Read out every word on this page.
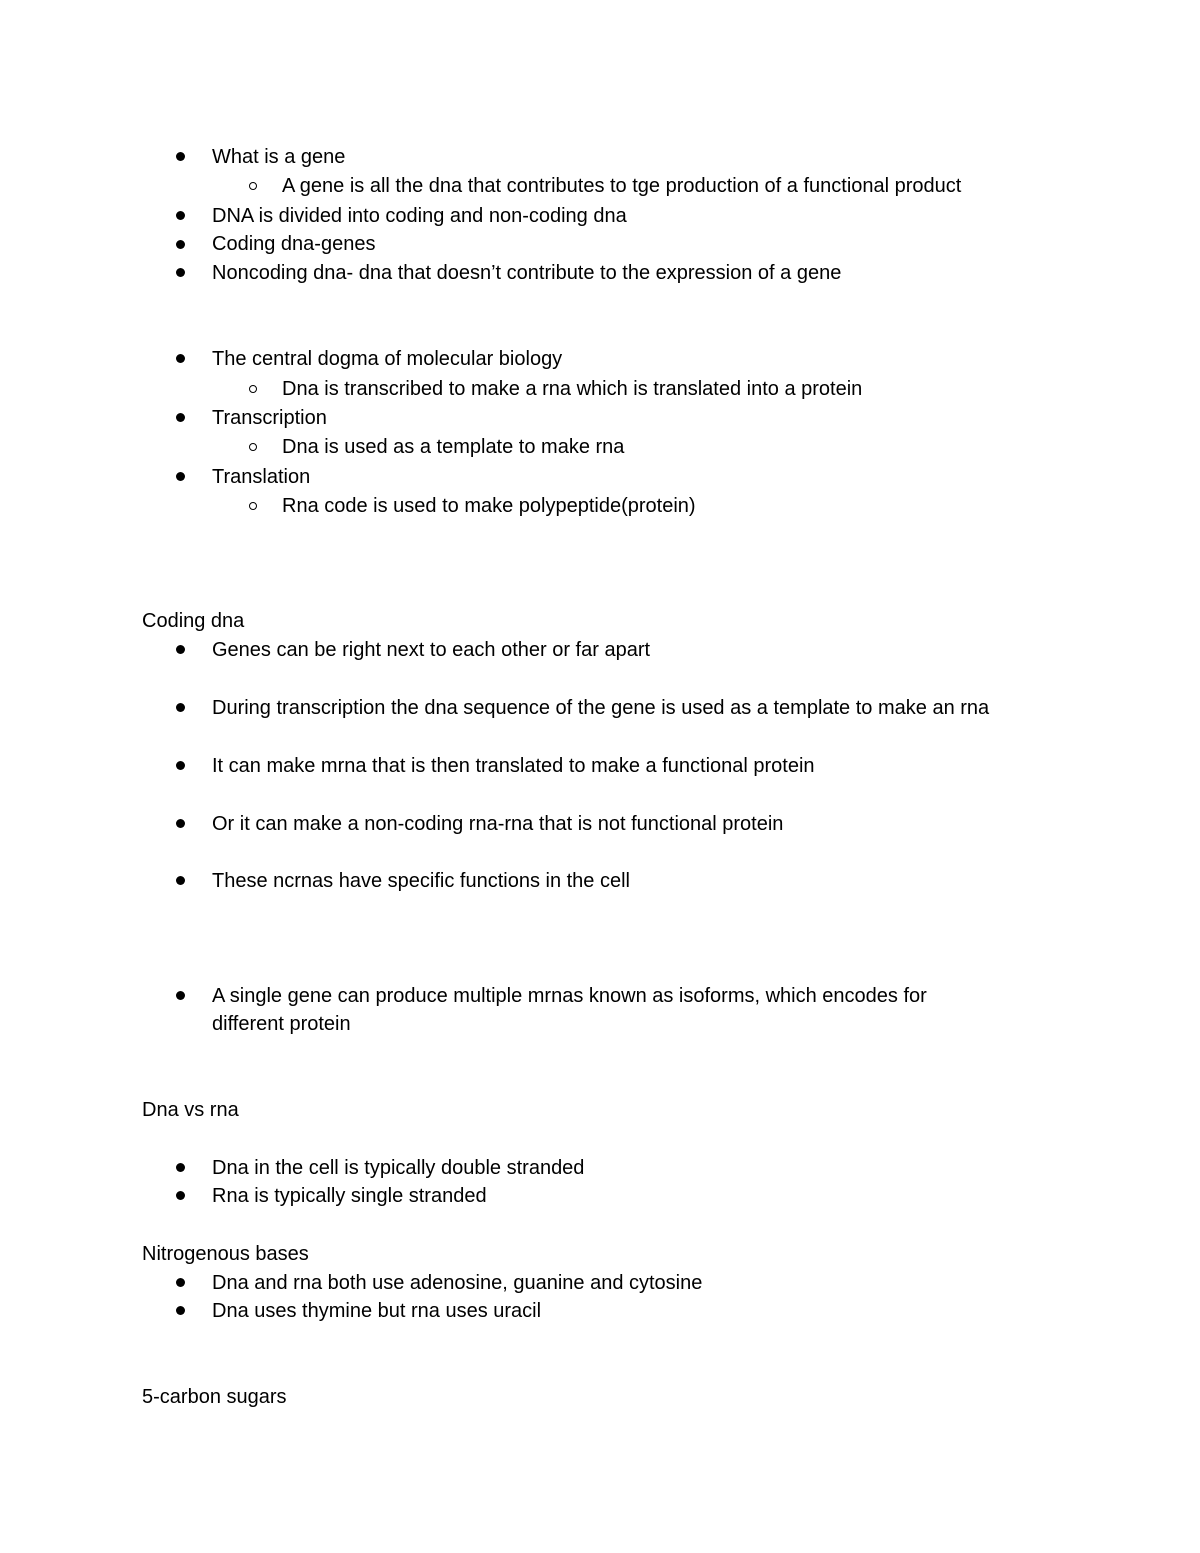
What is a gene
A gene is all the dna that contributes to tge production of a functional product
DNA is divided into coding and non-coding dna
Coding dna-genes
Noncoding dna- dna that doesn’t contribute to the expression of a gene
The central dogma of molecular biology
Dna is transcribed to make a rna which is translated into a protein
Transcription
Dna is used as a template to make rna
Translation
Rna code is used to make polypeptide(protein)
Coding dna
Genes can be right next to each other or far apart
During transcription the dna sequence of the gene is used as a template to make an rna
It can make mrna that is then translated to make a functional protein
Or it can make a non-coding rna-rna that is not functional protein
These ncrnas have specific functions in the cell
A single gene can produce multiple mrnas known as isoforms, which encodes for
different protein
Dna vs rna
Dna in the cell is typically double stranded
Rna is typically single stranded
Nitrogenous bases
Dna and rna both use adenosine, guanine and cytosine
Dna uses thymine but rna uses uracil
5-carbon sugars
